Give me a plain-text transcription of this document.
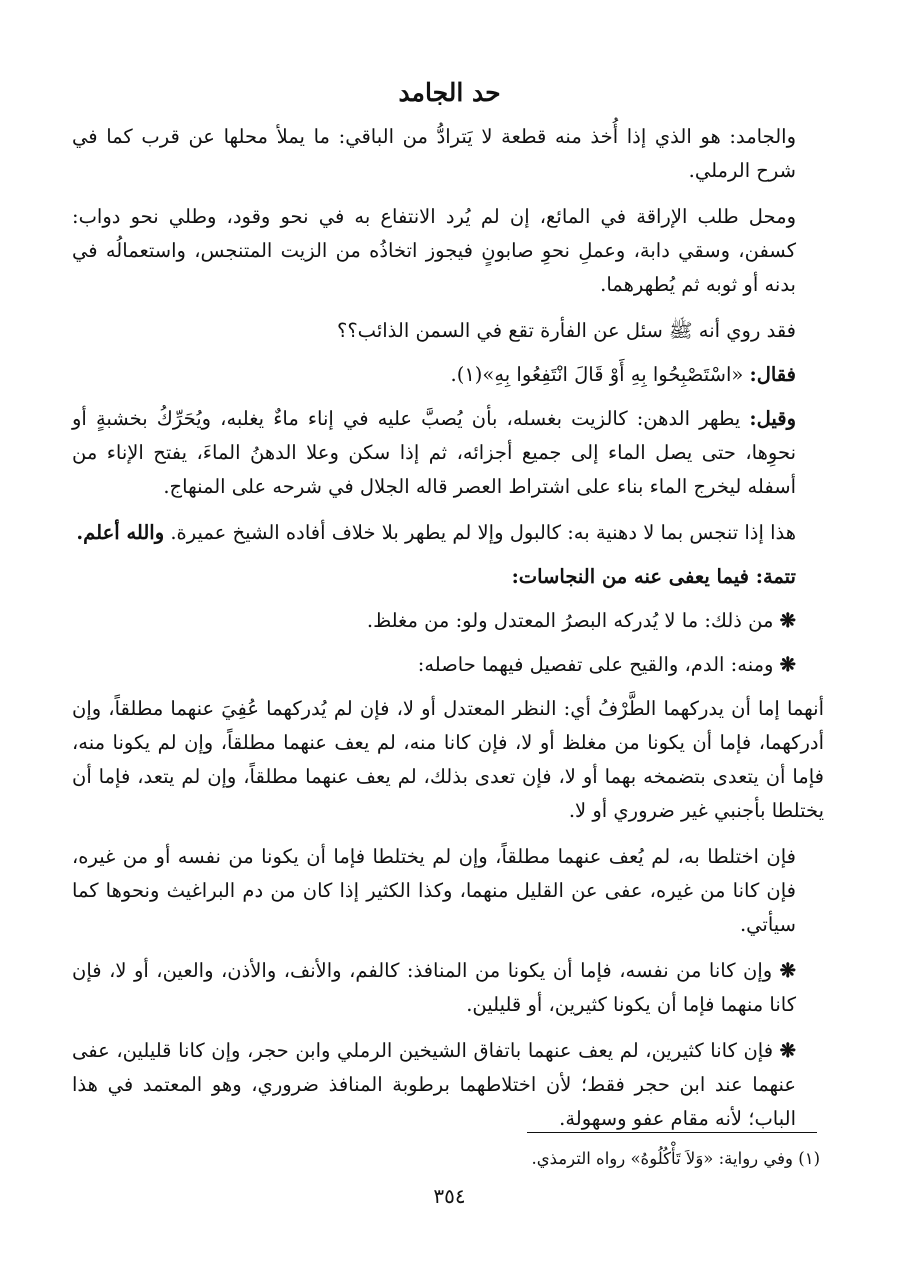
حد الجامد

والجامد: هو الذي إذا أُخذ منه قطعة لا يَترادُّ من الباقي: ما يملأ محلها عن قرب كما في شرح الرملي.

ومحل طلب الإراقة في المائع، إن لم يُرد الانتفاع به في نحو وقود، وطلي نحو دواب: كسفن، وسقي دابة، وعملِ نحوِ صابونٍ فيجوز اتخاذُه من الزيت المتنجس، واستعمالُه في بدنه أو ثوبه ثم يُطهرهما.

فقد روي أنه ﷺ سئل عن الفأرة تقع في السمن الذائب؟؟

فقال: «اسْتَصْبِحُوا بِهِ أَوْ قَالَ انْتَفِعُوا بِهِ»(١).

وقيل: يطهر الدهن: كالزيت بغسله، بأن يُصبَّ عليه في إناء ماءٌ يغلبه، ويُحَرِّكُ بخشبةٍ أو نحوِها، حتى يصل الماء إلى جميع أجزائه، ثم إذا سكن وعلا الدهنُ الماءَ، يفتح الإناء من أسفله ليخرج الماء بناء على اشتراط العصر قاله الجلال في شرحه على المنهاج.

هذا إذا تنجس بما لا دهنية به: كالبول وإلا لم يطهر بلا خلاف أفاده الشيخ عميرة. والله أعلم.

تتمة: فيما يعفى عنه من النجاسات:

❋ من ذلك: ما لا يُدركه البصرُ المعتدل ولو: من مغلظ.

❋ ومنه: الدم، والقيح على تفصيل فيهما حاصله:

أنهما إما أن يدركهما الطَّرْفُ أي: النظر المعتدل أو لا، فإن لم يُدركهما عُفِيَ عنهما مطلقاً، وإن أدركهما، فإما أن يكونا من مغلظ أو لا، فإن كانا منه، لم يعف عنهما مطلقاً، وإن لم يكونا منه، فإما أن يتعدى بتضمخه بهما أو لا، فإن تعدى بذلك، لم يعف عنهما مطلقاً، وإن لم يتعد، فإما أن يختلطا بأجنبي غير ضروري أو لا.

فإن اختلطا به، لم يُعف عنهما مطلقاً، وإن لم يختلطا فإما أن يكونا من نفسه أو من غيره، فإن كانا من غيره، عفى عن القليل منهما، وكذا الكثير إذا كان من دم البراغيث ونحوها كما سيأتي.

❋ وإن كانا من نفسه، فإما أن يكونا من المنافذ: كالفم، والأنف، والأذن، والعين، أو لا، فإن كانا منهما فإما أن يكونا كثيرين، أو قليلين.

❋ فإن كانا كثيرين، لم يعف عنهما باتفاق الشيخين الرملي وابن حجر، وإن كانا قليلين، عفى عنهما عند ابن حجر فقط؛ لأن اختلاطهما برطوبة المنافذ ضروري، وهو المعتمد في هذا الباب؛ لأنه مقام عفو وسهولة.

(١) وفي رواية: «وَلاَ تَأْكُلُوهُ» رواه الترمذي.
٣٥٤
